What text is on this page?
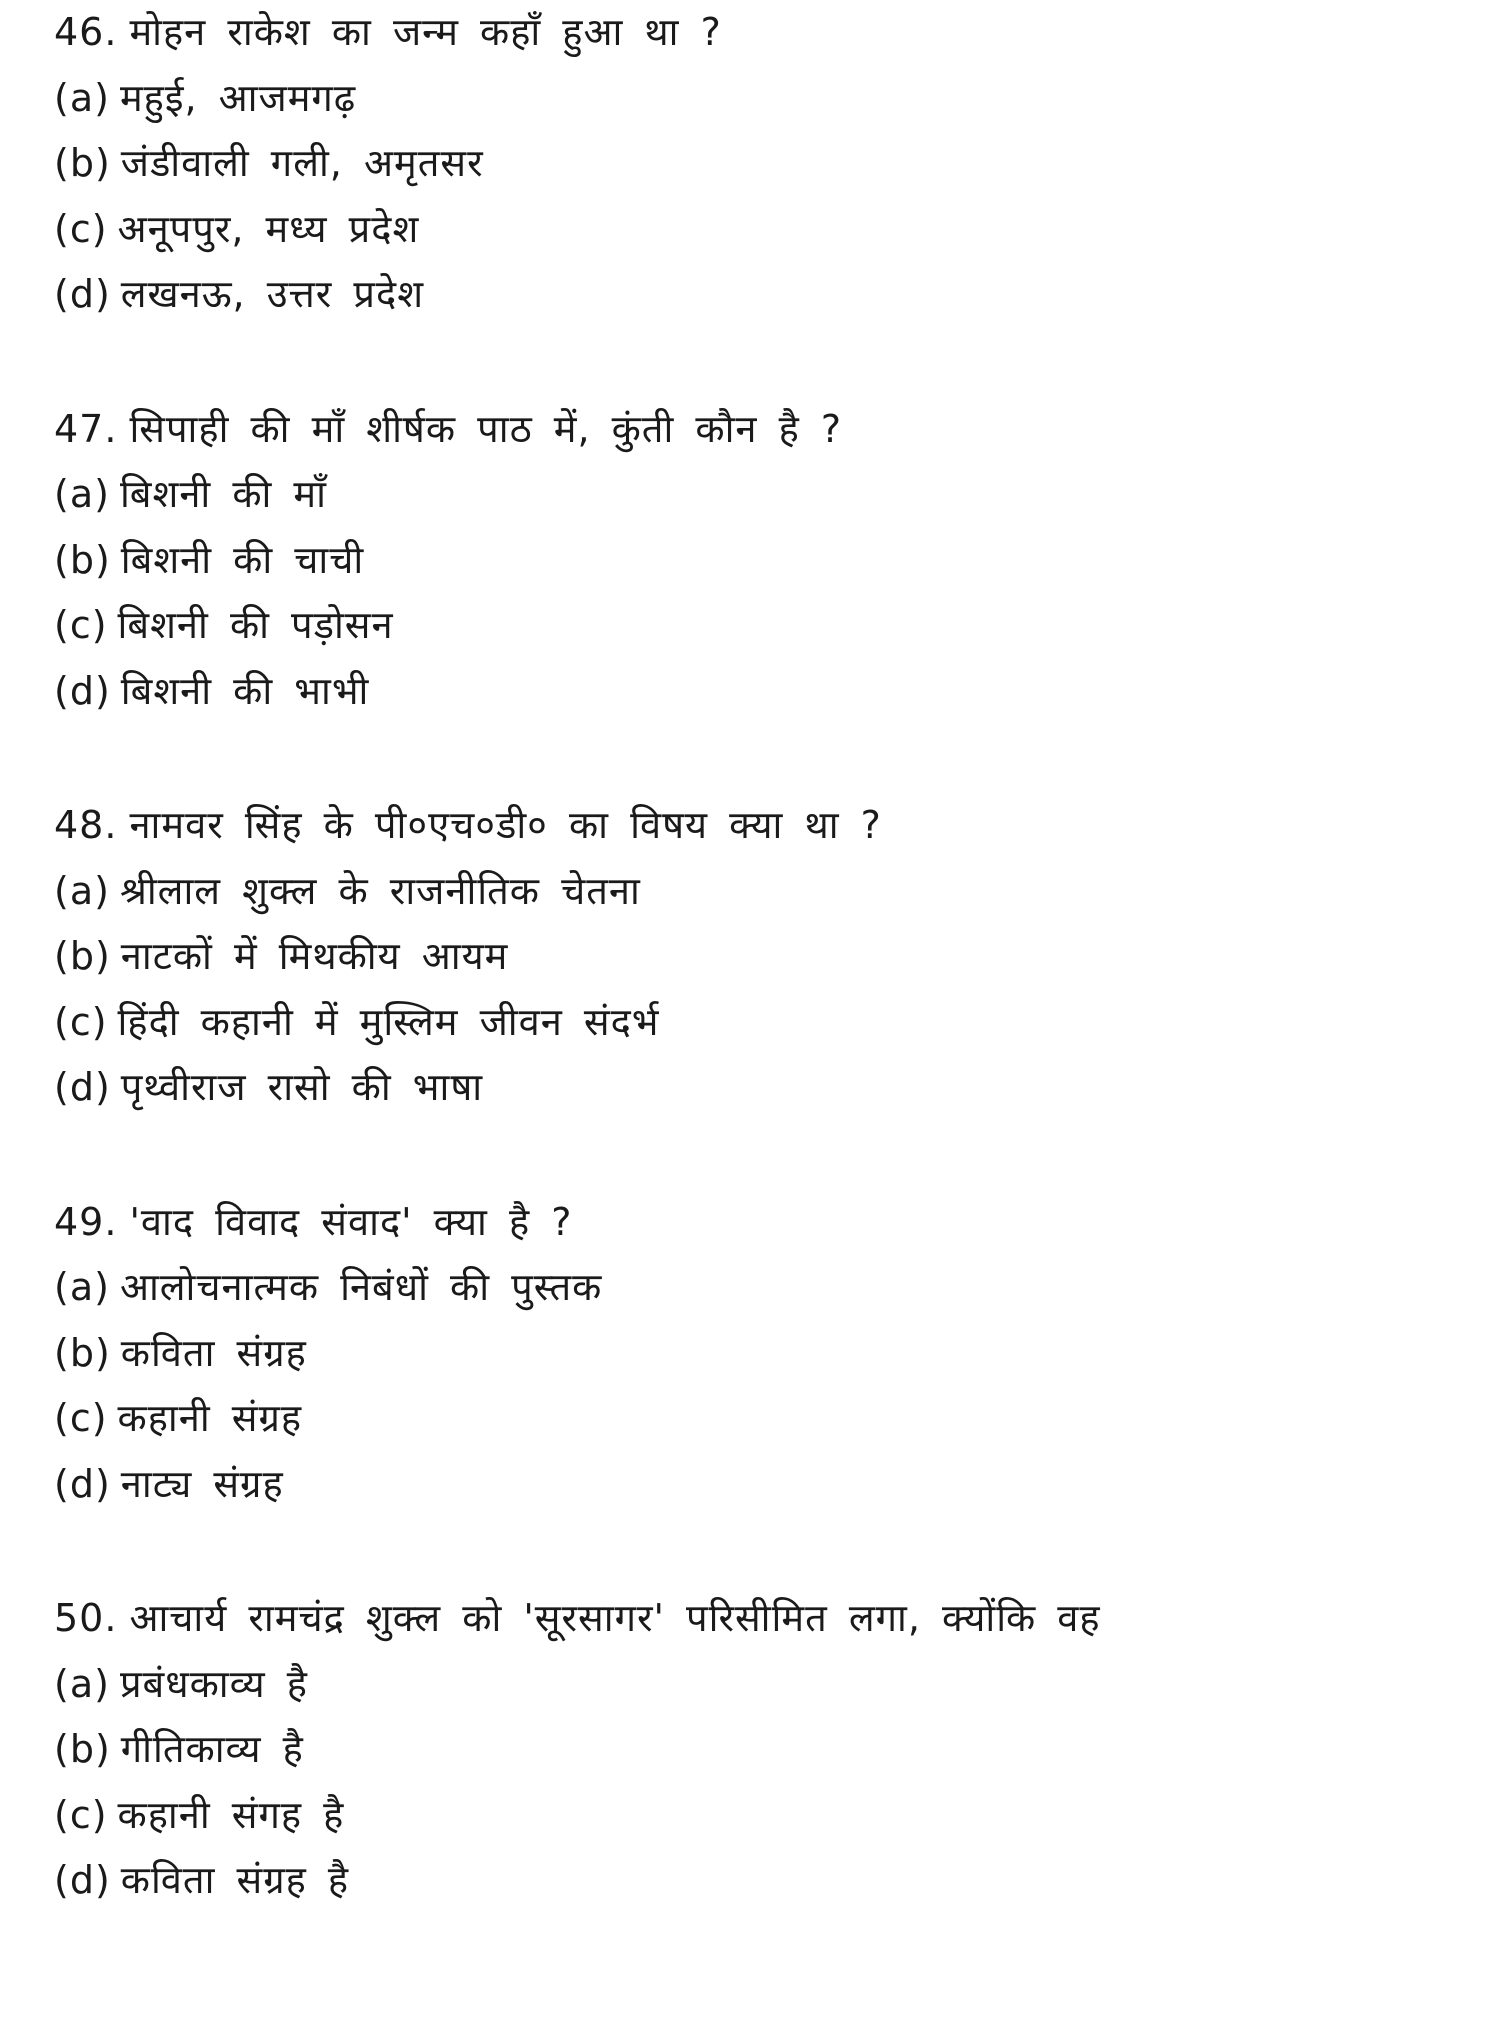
46. मोहन राकेश का जन्म कहाँ हुआ था ?
(a) महुई, आजमगढ़
(b) जंडीवाली गली, अमृतसर
(c) अनूपपुर, मध्य प्रदेश
(d) लखनऊ, उत्तर प्रदेश
47. सिपाही की माँ शीर्षक पाठ में, कुंती कौन है ?
(a) बिशनी की माँ
(b) बिशनी की चाची
(c) बिशनी की पड़ोसन
(d) बिशनी की भाभी
48. नामवर सिंह के पी०एच०डी० का विषय क्या था ?
(a) श्रीलाल शुक्ल के राजनीतिक चेतना
(b) नाटकों में मिथकीय आयम
(c) हिंदी कहानी में मुस्लिम जीवन संदर्भ
(d) पृथ्वीराज रासो की भाषा
49. 'वाद विवाद संवाद' क्या है ?
(a) आलोचनात्मक निबंधों की पुस्तक
(b) कविता संग्रह
(c) कहानी संग्रह
(d) नाट्य संग्रह
50. आचार्य रामचंद्र शुक्ल को 'सूरसागर' परिसीमित लगा, क्योंकि वह
(a) प्रबंधकाव्य है
(b) गीतिकाव्य है
(c) कहानी संगह है
(d) कविता संग्रह है
